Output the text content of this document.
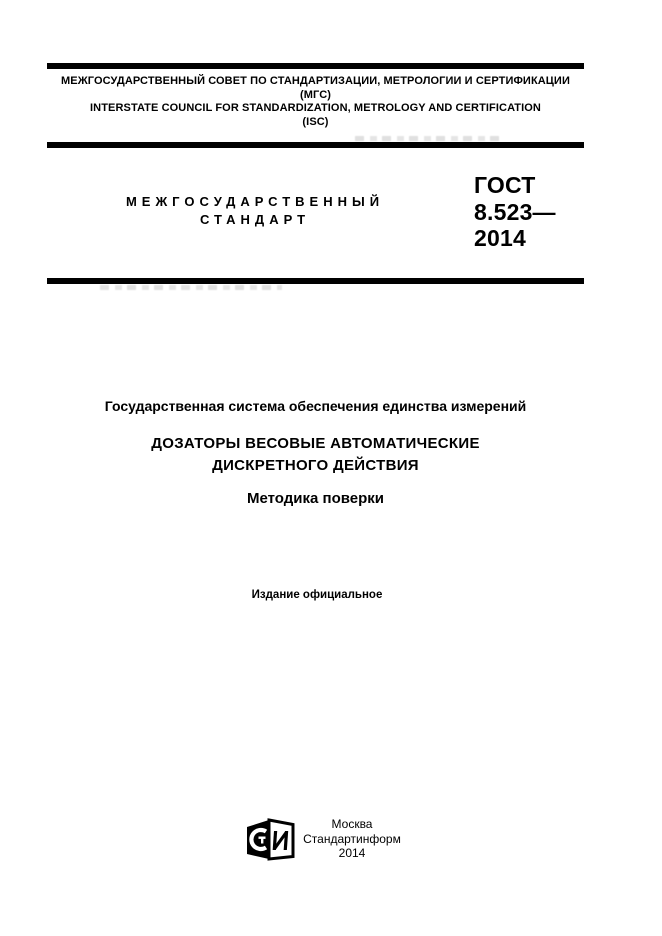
МЕЖГОСУДАРСТВЕННЫЙ СОВЕТ ПО СТАНДАРТИЗАЦИИ, МЕТРОЛОГИИ И СЕРТИФИКАЦИИ
(МГС)
INTERSTATE COUNCIL FOR STANDARDIZATION, METROLOGY AND CERTIFICATION
(ISC)
МЕЖГОСУДАРСТВЕННЫЙ
СТАНДАРТ
ГОСТ
8.523—
2014
Государственная система обеспечения единства измерений
ДОЗАТОРЫ ВЕСОВЫЕ АВТОМАТИЧЕСКИЕ
ДИСКРЕТНОГО ДЕЙСТВИЯ
Методика поверки
Издание официальное
Москва
Стандартинформ
2014
